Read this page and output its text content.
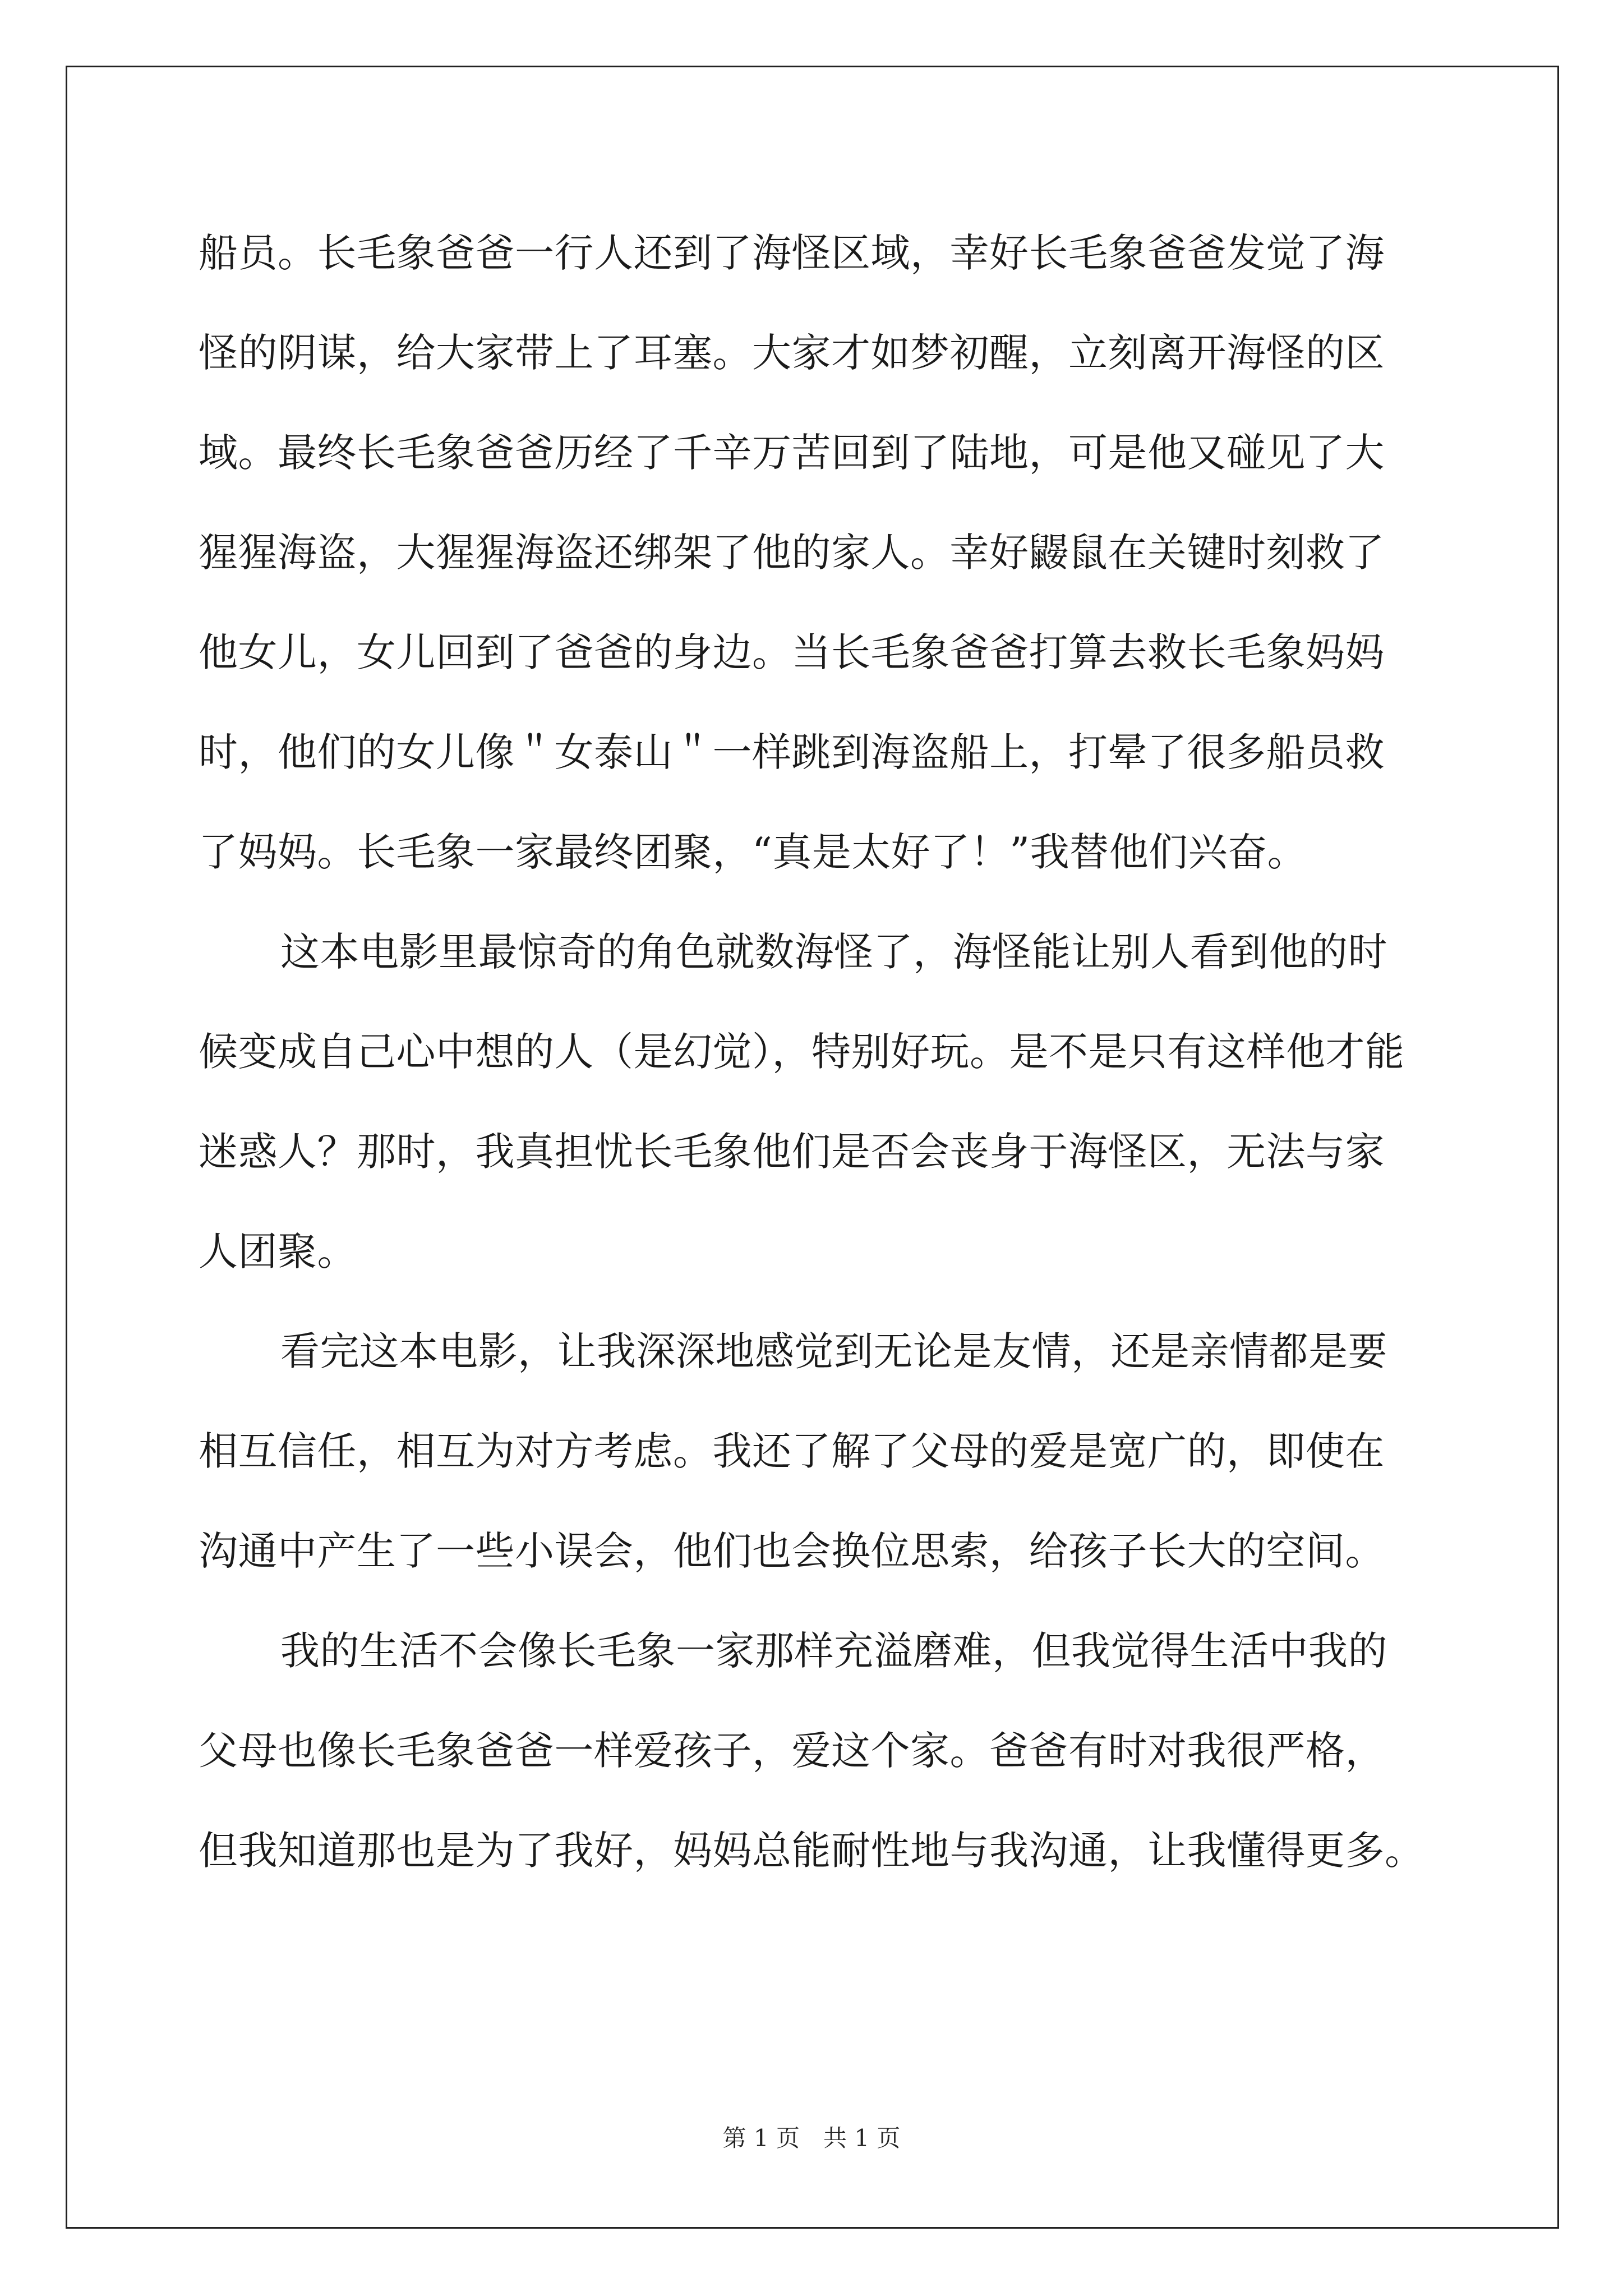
船员。长毛象爸爸一行人还到了海怪区域，幸好长毛象爸爸发觉了海
怪的阴谋，给大家带上了耳塞。大家才如梦初醒，立刻离开海怪的区
域。最终长毛象爸爸历经了千辛万苦回到了陆地，可是他又碰见了大
猩猩海盗，大猩猩海盗还绑架了他的家人。幸好鼹鼠在关键时刻救了
他女儿，女儿回到了爸爸的身边。当长毛象爸爸打算去救长毛象妈妈
时，他们的女儿像＂女泰山＂一样跳到海盗船上，打晕了很多船员救
了妈妈。长毛象一家最终团聚，“真是太好了！”我替他们兴奋。
这本电影里最惊奇的角色就数海怪了，海怪能让别人看到他的时
候变成自己心中想的人（是幻觉），特别好玩。是不是只有这样他才能
迷惑人？那时，我真担忧长毛象他们是否会丧身于海怪区，无法与家
人团聚。
看完这本电影，让我深深地感觉到无论是友情，还是亲情都是要
相互信任，相互为对方考虑。我还了解了父母的爱是宽广的，即使在
沟通中产生了一些小误会，他们也会换位思索，给孩子长大的空间。
我的生活不会像长毛象一家那样充溢磨难，但我觉得生活中我的
父母也像长毛象爸爸一样爱孩子，爱这个家。爸爸有时对我很严格，
但我知道那也是为了我好，妈妈总能耐性地与我沟通，让我懂得更多。
第 1 页 共 1 页
